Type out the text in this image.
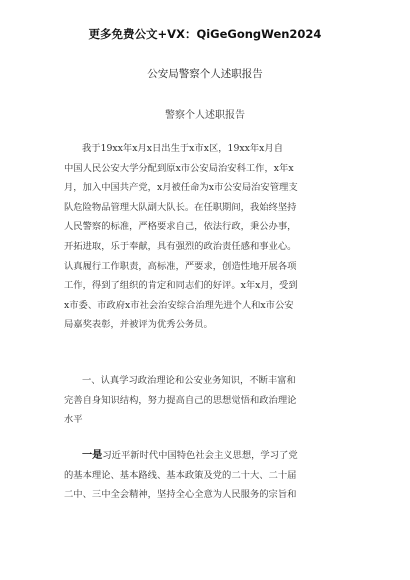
更多免费公文+VX：QiGeGongWen2024
公安局警察个人述职报告
警察个人述职报告
我于19xx年x月x日出生于x市x区，19xx年x月自
中国人民公安大学分配到原x市公安局治安科工作，x年x
月，加入中国共产党，x月被任命为x市公安局治安管理支
队危险物品管理大队副大队长。在任职期间，我始终坚持
人民警察的标准，严格要求自己，依法行政，秉公办事，
开拓进取，乐于奉献，具有强烈的政治责任感和事业心。
认真履行工作职责，高标准，严要求，创造性地开展各项
工作，得到了组织的肯定和同志们的好评。x年x月，受到
x市委、市政府x市社会治安综合治理先进个人和x市公安
局嘉奖表彰，并被评为优秀公务员。
一、认真学习政治理论和公安业务知识，不断丰富和
完善自身知识结构，努力提高自己的思想觉悟和政治理论
水平
一是习近平新时代中国特色社会主义思想，学习了党
的基本理论、基本路线、基本政策及党的二十大、二十届
二中、三中全会精神，坚持全心全意为人民服务的宗旨和
